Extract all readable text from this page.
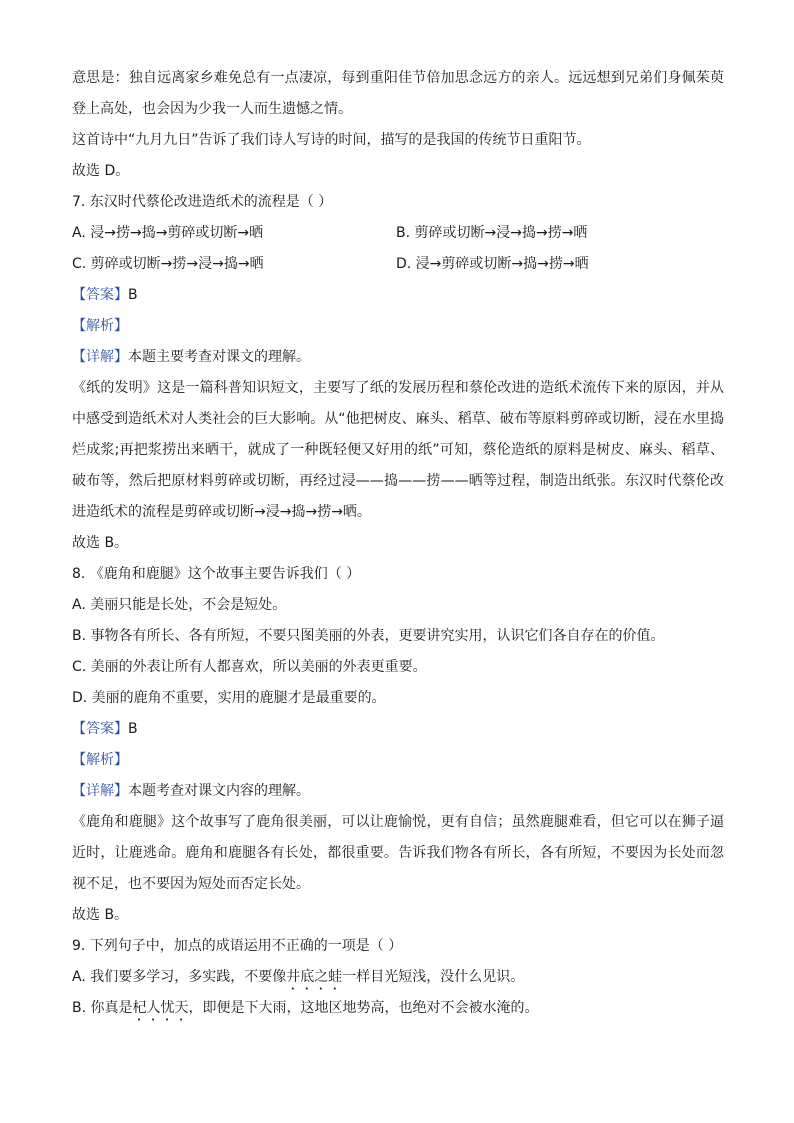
意思是：独自远离家乡难免总有一点凄凉，每到重阳佳节倍加思念远方的亲人。远远想到兄弟们身佩茱萸登上高处，也会因为少我一人而生遗憾之情。
这首诗中“九月九日”告诉了我们诗人写诗的时间，描写的是我国的传统节日重阳节。
故选 D。
7. 东汉时代蔡伦改进造纸术的流程是（ ）
A. 浸→捞→捣→剪碎或切断→晒	B. 剪碎或切断→浸→捣→捞→晒
C. 剪碎或切断→捞→浸→捣→晒	D. 浸→剪碎或切断→捣→捞→晒
【答案】B
【解析】
【详解】本题主要考查对课文的理解。
《纸的发明》这是一篇科普知识短文，主要写了纸的发展历程和蔡伦改进的造纸术流传下来的原因，并从中感受到造纸术对人类社会的巨大影响。从“他把树皮、麻头、稻草、破布等原料剪碎或切断，浸在水里捣烂成浆;再把浆捞出来晒干，就成了一种既轻便又好用的纸”可知，蔡伦造纸的原料是树皮、麻头、稻草、破布等，然后把原材料剪碎或切断，再经过浸——捣——捞——晒等过程，制造出纸张。东汉时代蔡伦改进造纸术的流程是剪碎或切断→浸→捣→捞→晒。
故选 B。
8. 《鹿角和鹿腿》这个故事主要告诉我们（ ）
A. 美丽只能是长处，不会是短处。
B. 事物各有所长、各有所短，不要只图美丽的外表，更要讲究实用，认识它们各自存在的价值。
C. 美丽的外表让所有人都喜欢，所以美丽的外表更重要。
D. 美丽的鹿角不重要，实用的鹿腿才是最重要的。
【答案】B
【解析】
【详解】本题考查对课文内容的理解。
《鹿角和鹿腿》这个故事写了鹿角很美丽，可以让鹿愉悦，更有自信；虽然鹿腿难看，但它可以在狮子逼近时，让鹿逃命。鹿角和鹿腿各有长处，都很重要。告诉我们物各有所长，各有所短，不要因为长处而忽视不足，也不要因为短处而否定长处。
故选 B。
9. 下列句子中，加点的成语运用不正确的一项是（ ）
A. 我们要多学习，多实践，不要像井底之蛙一样目光短浅，没什么见识。
B. 你真是杞人忧天，即便是下大雨，这地区地势高，也绝对不会被水淹的。
